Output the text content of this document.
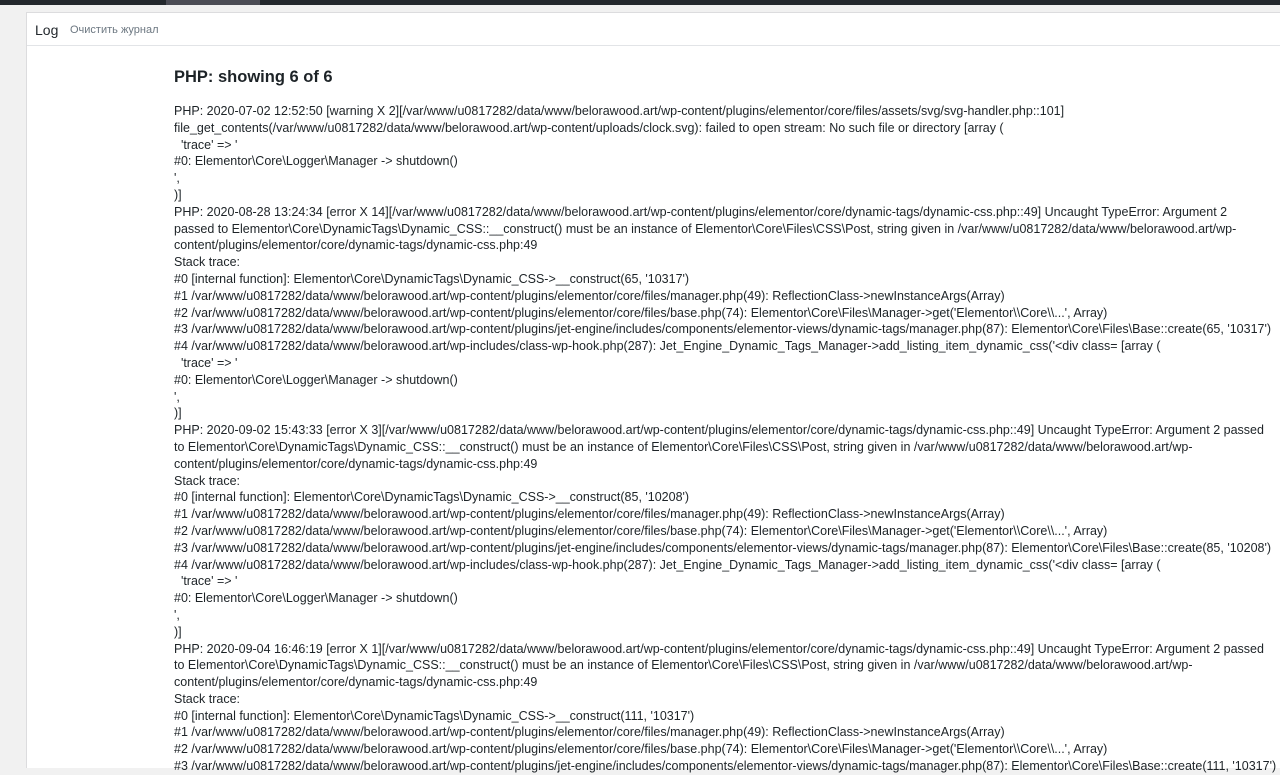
Log Очистить журнал
PHP: showing 6 of 6
PHP: 2020-07-02 12:52:50 [warning X 2][/var/www/u0817282/data/www/belorawood.art/wp-content/plugins/elementor/core/files/assets/svg/svg-handler.php::101]
file_get_contents(/var/www/u0817282/data/www/belorawood.art/wp-content/uploads/clock.svg): failed to open stream: No such file or directory [array (
'trace' => '
#0: Elementor\Core\Logger\Manager -> shutdown()
',
)]
PHP: 2020-08-28 13:24:34 [error X 14][/var/www/u0817282/data/www/belorawood.art/wp-content/plugins/elementor/core/dynamic-tags/dynamic-css.php::49] Uncaught TypeError: Argument 2
passed to Elementor\Core\DynamicTags\Dynamic_CSS::__construct() must be an instance of Elementor\Core\Files\CSS\Post, string given in /var/www/u0817282/data/www/belorawood.art/wp-
content/plugins/elementor/core/dynamic-tags/dynamic-css.php:49
Stack trace:
#0 [internal function]: Elementor\Core\DynamicTags\Dynamic_CSS->__construct(65, '10317')
#1 /var/www/u0817282/data/www/belorawood.art/wp-content/plugins/elementor/core/files/manager.php(49): ReflectionClass->newInstanceArgs(Array)
#2 /var/www/u0817282/data/www/belorawood.art/wp-content/plugins/elementor/core/files/base.php(74): Elementor\Core\Files\Manager->get('Elementor\\Core\\...', Array)
#3 /var/www/u0817282/data/www/belorawood.art/wp-content/plugins/jet-engine/includes/components/elementor-views/dynamic-tags/manager.php(87): Elementor\Core\Files\Base::create(65, '10317')
#4 /var/www/u0817282/data/www/belorawood.art/wp-includes/class-wp-hook.php(287): Jet_Engine_Dynamic_Tags_Manager->add_listing_item_dynamic_css('<div class= [array (
'trace' => '
#0: Elementor\Core\Logger\Manager -> shutdown()
',
)]
PHP: 2020-09-02 15:43:33 [error X 3][/var/www/u0817282/data/www/belorawood.art/wp-content/plugins/elementor/core/dynamic-tags/dynamic-css.php::49] Uncaught TypeError: Argument 2 passed
to Elementor\Core\DynamicTags\Dynamic_CSS::__construct() must be an instance of Elementor\Core\Files\CSS\Post, string given in /var/www/u0817282/data/www/belorawood.art/wp-
content/plugins/elementor/core/dynamic-tags/dynamic-css.php:49
Stack trace:
#0 [internal function]: Elementor\Core\DynamicTags\Dynamic_CSS->__construct(85, '10208')
#1 /var/www/u0817282/data/www/belorawood.art/wp-content/plugins/elementor/core/files/manager.php(49): ReflectionClass->newInstanceArgs(Array)
#2 /var/www/u0817282/data/www/belorawood.art/wp-content/plugins/elementor/core/files/base.php(74): Elementor\Core\Files\Manager->get('Elementor\\Core\\...', Array)
#3 /var/www/u0817282/data/www/belorawood.art/wp-content/plugins/jet-engine/includes/components/elementor-views/dynamic-tags/manager.php(87): Elementor\Core\Files\Base::create(85, '10208')
#4 /var/www/u0817282/data/www/belorawood.art/wp-includes/class-wp-hook.php(287): Jet_Engine_Dynamic_Tags_Manager->add_listing_item_dynamic_css('<div class= [array (
'trace' => '
#0: Elementor\Core\Logger\Manager -> shutdown()
',
)]
PHP: 2020-09-04 16:46:19 [error X 1][/var/www/u0817282/data/www/belorawood.art/wp-content/plugins/elementor/core/dynamic-tags/dynamic-css.php::49] Uncaught TypeError: Argument 2 passed
to Elementor\Core\DynamicTags\Dynamic_CSS::__construct() must be an instance of Elementor\Core\Files\CSS\Post, string given in /var/www/u0817282/data/www/belorawood.art/wp-
content/plugins/elementor/core/dynamic-tags/dynamic-css.php:49
Stack trace:
#0 [internal function]: Elementor\Core\DynamicTags\Dynamic_CSS->__construct(111, '10317')
#1 /var/www/u0817282/data/www/belorawood.art/wp-content/plugins/elementor/core/files/manager.php(49): ReflectionClass->newInstanceArgs(Array)
#2 /var/www/u0817282/data/www/belorawood.art/wp-content/plugins/elementor/core/files/base.php(74): Elementor\Core\Files\Manager->get('Elementor\\Core\\...', Array)
#3 /var/www/u0817282/data/www/belorawood.art/wp-content/plugins/jet-engine/includes/components/elementor-views/dynamic-tags/manager.php(87): Elementor\Core\Files\Base::create(111, '10317')
